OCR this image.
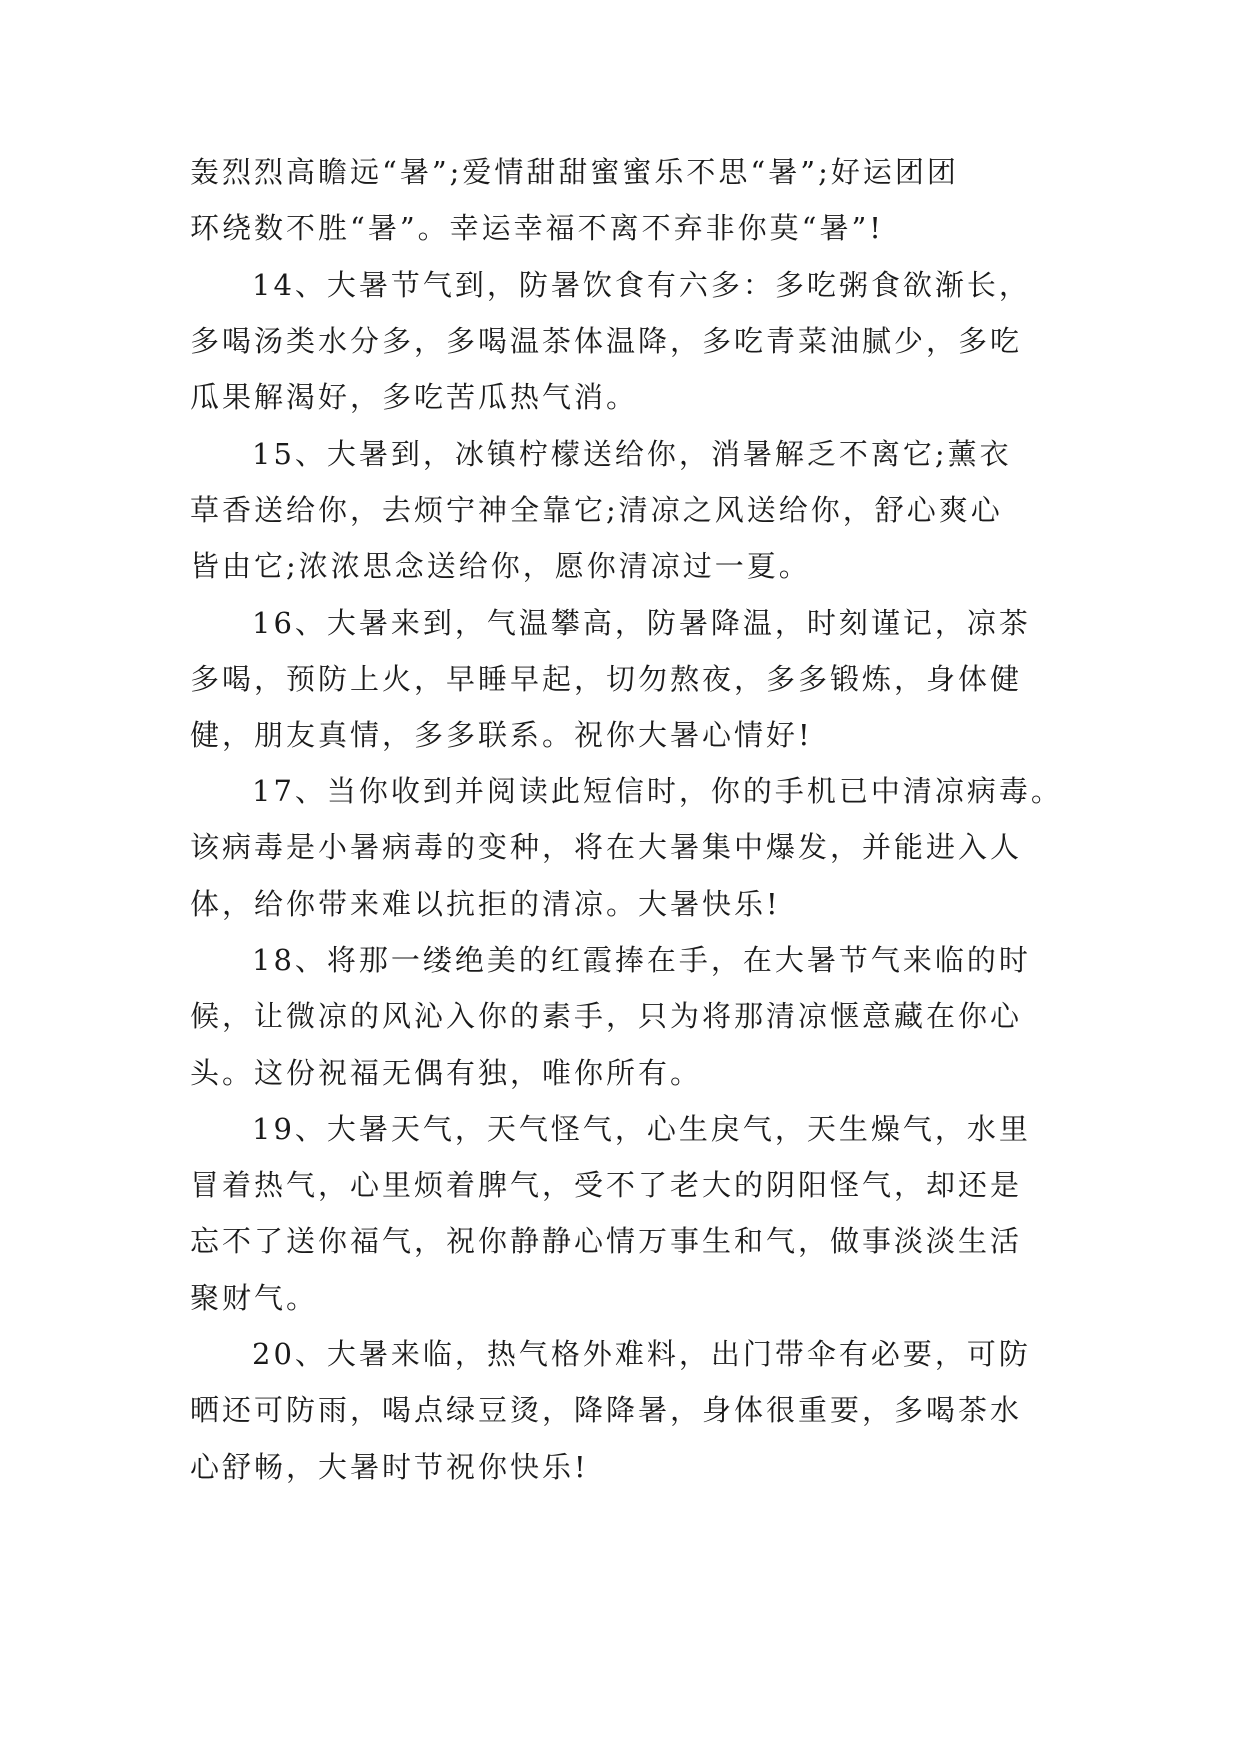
轰烈烈高瞻远“暑”;爱情甜甜蜜蜜乐不思“暑”;好运团团
环绕数不胜“暑”。幸运幸福不离不弃非你莫“暑”!
14、大暑节气到，防暑饮食有六多：多吃粥食欲渐长，
多喝汤类水分多，多喝温茶体温降，多吃青菜油腻少，多吃
瓜果解渴好，多吃苦瓜热气消。
15、大暑到，冰镇柠檬送给你，消暑解乏不离它;薰衣
草香送给你，去烦宁神全靠它;清凉之风送给你，舒心爽心
皆由它;浓浓思念送给你，愿你清凉过一夏。
16、大暑来到，气温攀高，防暑降温，时刻谨记，凉茶
多喝，预防上火，早睡早起，切勿熬夜，多多锻炼，身体健
健，朋友真情，多多联系。祝你大暑心情好!
17、当你收到并阅读此短信时，你的手机已中清凉病毒。
该病毒是小暑病毒的变种，将在大暑集中爆发，并能进入人
体，给你带来难以抗拒的清凉。大暑快乐!
18、将那一缕绝美的红霞捧在手，在大暑节气来临的时
候，让微凉的风沁入你的素手，只为将那清凉惬意藏在你心
头。这份祝福无偶有独，唯你所有。
19、大暑天气，天气怪气，心生戾气，天生燥气，水里
冒着热气，心里烦着脾气，受不了老大的阴阳怪气，却还是
忘不了送你福气，祝你静静心情万事生和气，做事淡淡生活
聚财气。
20、大暑来临，热气格外难料，出门带伞有必要，可防
晒还可防雨，喝点绿豆烫，降降暑，身体很重要，多喝茶水
心舒畅，大暑时节祝你快乐!
